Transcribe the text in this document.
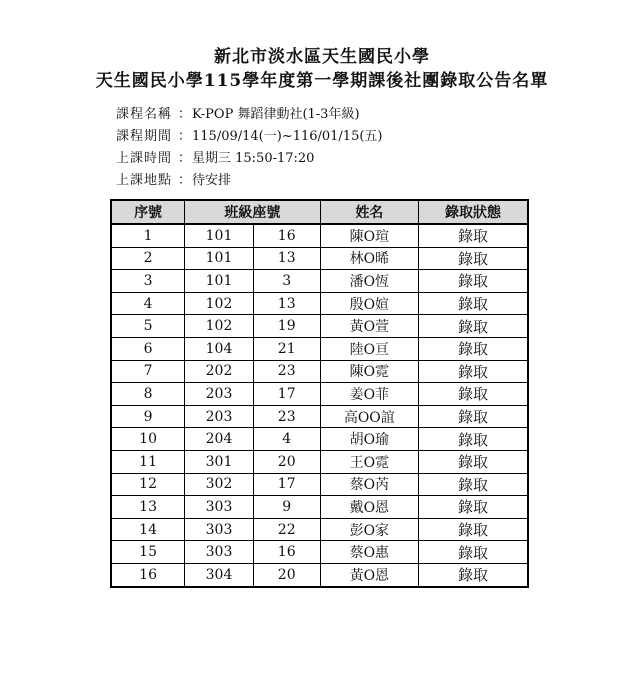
新北市淡水區天生國民小學
天生國民小學115學年度第一學期課後社團錄取公告名單
課程名稱 ： K-POP 舞蹈律動社(1-3年級)
課程期間 ： 115/09/14(一)~116/01/15(五)
上課時間 ： 星期三 15:50-17:20
上課地點 ： 待安排
序號	班級座號		姓名	錄取狀態
1	101	16	陳O瑄	錄取
2	101	13	林O晞	錄取
3	101	3	潘O恆	錄取
4	102	13	殷O媗	錄取
5	102	19	黃O萱	錄取
6	104	21	陸O亘	錄取
7	202	23	陳O霓	錄取
8	203	17	姜O菲	錄取
9	203	23	高OO誼	錄取
10	204	4	胡O瑜	錄取
11	301	20	王O霓	錄取
12	302	17	蔡O芮	錄取
13	303	9	戴O恩	錄取
14	303	22	彭O家	錄取
15	303	16	蔡O惠	錄取
16	304	20	黃O恩	錄取
